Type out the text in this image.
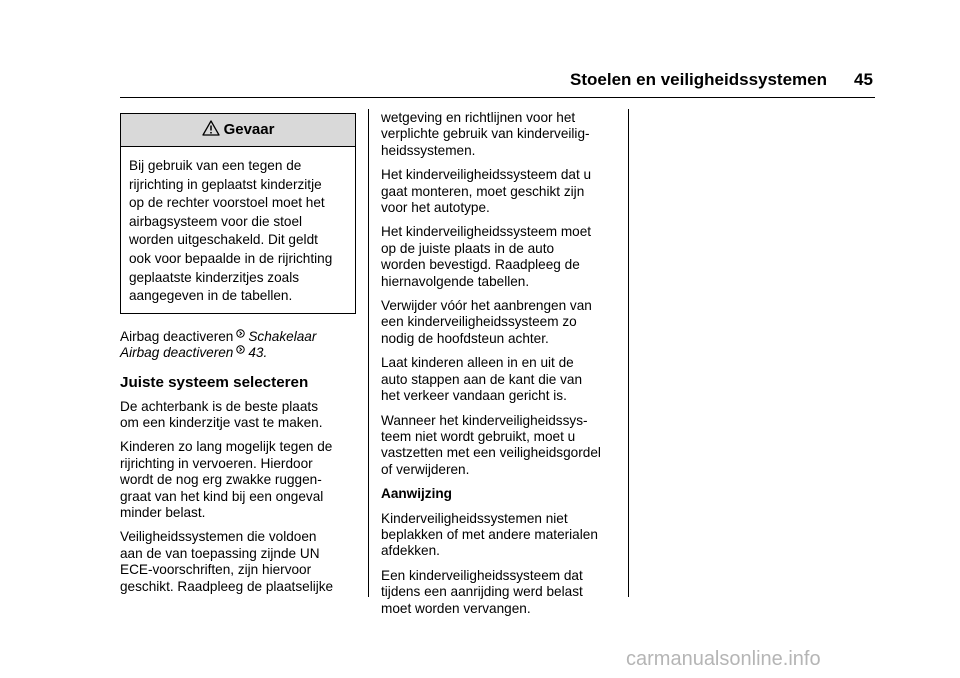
Stoelen en veiligheidssystemen 45
Gevaar
Bij gebruik van een tegen de
rijrichting in geplaatst kinderzitje
op de rechter voorstoel moet het
airbagsysteem voor die stoel
worden uitgeschakeld. Dit geldt
ook voor bepaalde in de rijrichting
geplaatste kinderzitjes zoals
aangegeven in de tabellen.

Airbag deactiveren Schakelaar
Airbag deactiveren 43.

Juiste systeem selecteren

De achterbank is de beste plaats
om een kinderzitje vast te maken.

Kinderen zo lang mogelijk tegen de
rijrichting in vervoeren. Hierdoor
wordt de nog erg zwakke ruggen-
graat van het kind bij een ongeval
minder belast.

Veiligheidssystemen die voldoen
aan de van toepassing zijnde UN
ECE-voorschriften, zijn hiervoor
geschikt. Raadpleeg de plaatselijke

wetgeving en richtlijnen voor het
verplichte gebruik van kinderveilig-
heidssystemen.

Het kinderveiligheidssysteem dat u
gaat monteren, moet geschikt zijn
voor het autotype.

Het kinderveiligheidssysteem moet
op de juiste plaats in de auto
worden bevestigd. Raadpleeg de
hiernavolgende tabellen.

Verwijder vóór het aanbrengen van
een kinderveiligheidssysteem zo
nodig de hoofdsteun achter.

Laat kinderen alleen in en uit de
auto stappen aan de kant die van
het verkeer vandaan gericht is.

Wanneer het kinderveiligheidssys-
teem niet wordt gebruikt, moet u
vastzetten met een veiligheidsgordel
of verwijderen.

Aanwijzing

Kinderveiligheidssystemen niet
beplakken of met andere materialen
afdekken.

Een kinderveiligheidssysteem dat
tijdens een aanrijding werd belast
moet worden vervangen.

carmanualsonline.info
